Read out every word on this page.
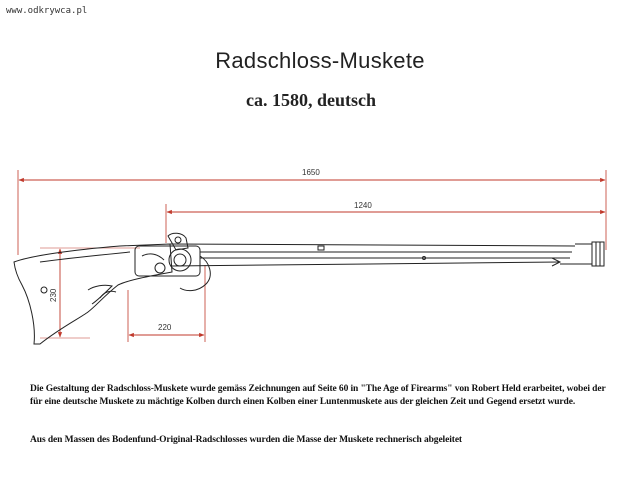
www.odkrywca.pl
Radschloss-Muskete
ca. 1580, deutsch
1650
1240
230
220
Die Gestaltung der Radschloss-Muskete wurde gemäss Zeichnungen auf Seite 60 in "The Age of Firearms" von Robert Held erarbeitet, wobei der für eine deutsche Muskete zu mächtige Kolben durch einen Kolben einer Luntenmuskete aus der gleichen Zeit und Gegend ersetzt wurde.
Aus den Massen des Bodenfund-Original-Radschlosses wurden die Masse der Muskete rechnerisch abgeleitet
